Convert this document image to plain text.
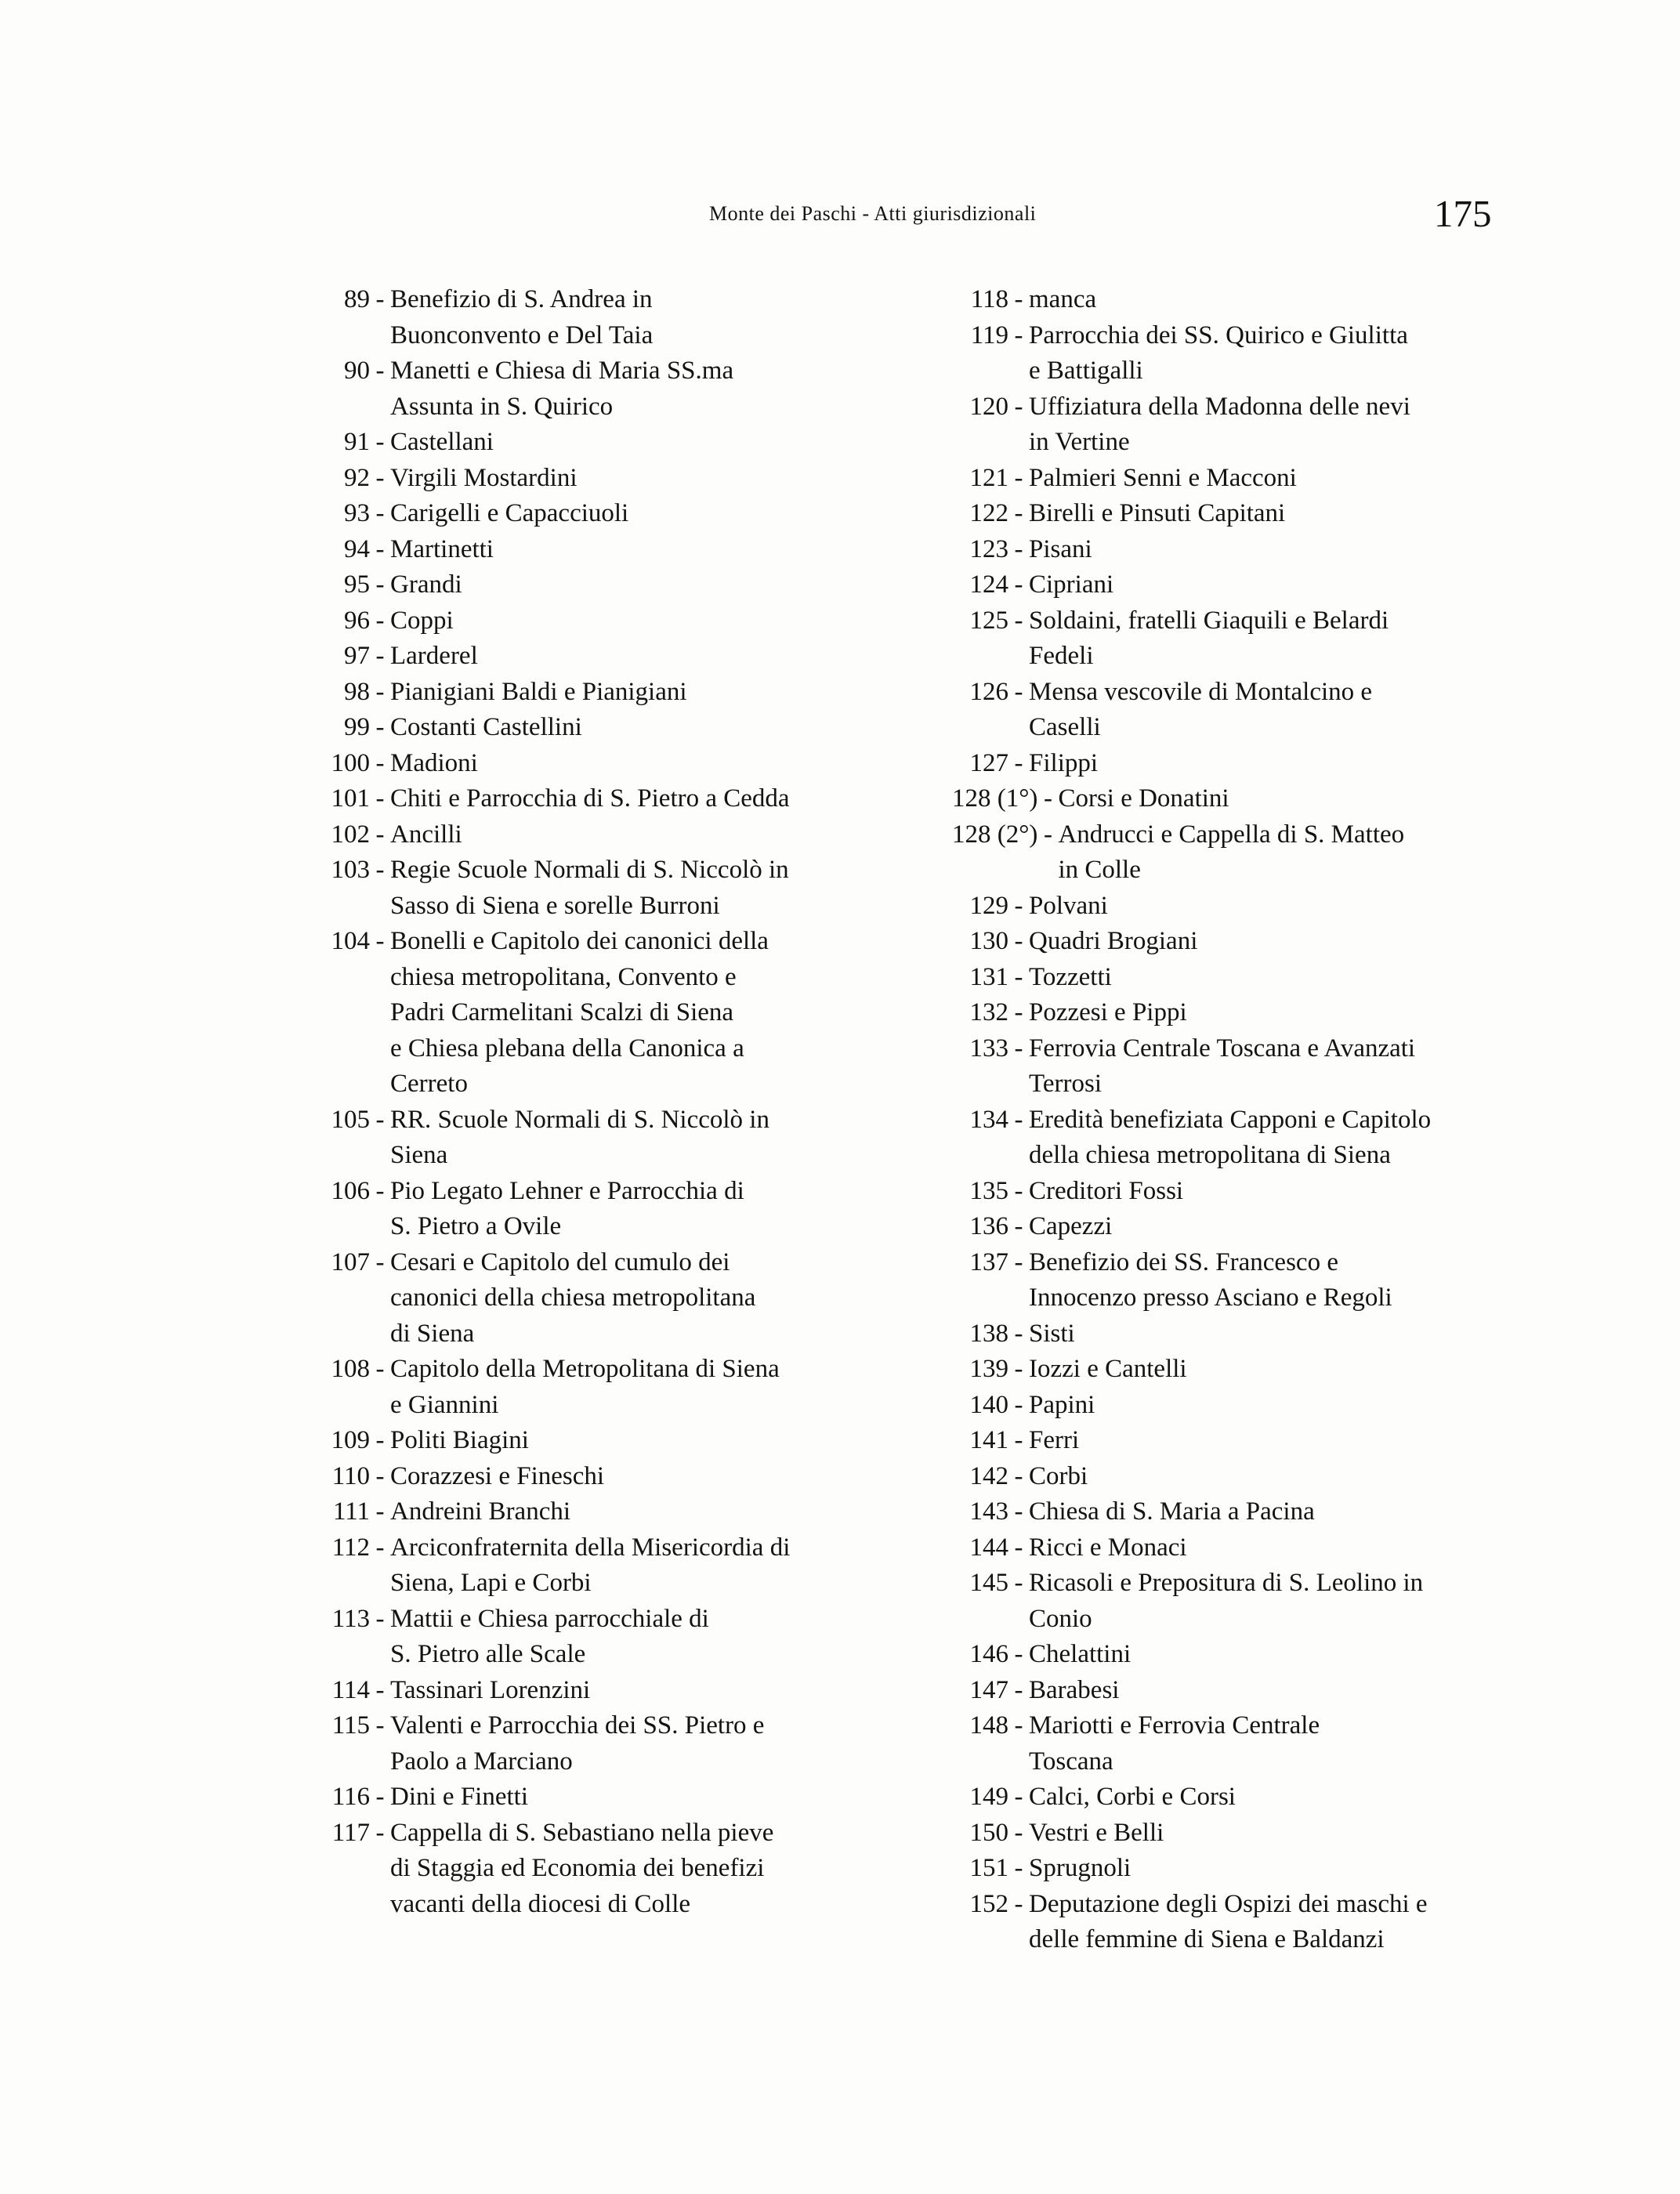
Monte dei Paschi - Atti giurisdizionali	175
89 - Benefizio di S. Andrea in
Buonconvento e Del Taia
90 - Manetti e Chiesa di Maria SS.ma
Assunta in S. Quirico
91 - Castellani
92 - Virgili Mostardini
93 - Carigelli e Capacciuoli
94 - Martinetti
95 - Grandi
96 - Coppi
97 - Larderel
98 - Pianigiani Baldi e Pianigiani
99 - Costanti Castellini
100 - Madioni
101 - Chiti e Parrocchia di S. Pietro a Cedda
102 - Ancilli
103 - Regie Scuole Normali di S. Niccolò in
Sasso di Siena e sorelle Burroni
104 - Bonelli e Capitolo dei canonici della
chiesa metropolitana, Convento e
Padri Carmelitani Scalzi di Siena
e Chiesa plebana della Canonica a
Cerreto
105 - RR. Scuole Normali di S. Niccolò in
Siena
106 - Pio Legato Lehner e Parrocchia di
S. Pietro a Ovile
107 - Cesari e Capitolo del cumulo dei
canonici della chiesa metropolitana
di Siena
108 - Capitolo della Metropolitana di Siena
e Giannini
109 - Politi Biagini
110 - Corazzesi e Fineschi
111 - Andreini Branchi
112 - Arciconfraternita della Misericordia di
Siena, Lapi e Corbi
113 - Mattii e Chiesa parrocchiale di
S. Pietro alle Scale
114 - Tassinari Lorenzini
115 - Valenti e Parrocchia dei SS. Pietro e
Paolo a Marciano
116 - Dini e Finetti
117 - Cappella di S. Sebastiano nella pieve
di Staggia ed Economia dei benefizi
vacanti della diocesi di Colle
118 - manca
119 - Parrocchia dei SS. Quirico e Giulitta
e Battigalli
120 - Uffiziatura della Madonna delle nevi
in Vertine
121 - Palmieri Senni e Macconi
122 - Birelli e Pinsuti Capitani
123 - Pisani
124 - Cipriani
125 - Soldaini, fratelli Giaquili e Belardi
Fedeli
126 - Mensa vescovile di Montalcino e
Caselli
127 - Filippi
128 (1°) - Corsi e Donatini
128 (2°) - Andrucci e Cappella di S. Matteo
in Colle
129 - Polvani
130 - Quadri Brogiani
131 - Tozzetti
132 - Pozzesi e Pippi
133 - Ferrovia Centrale Toscana e Avanzati
Terrosi
134 - Eredità benefiziata Capponi e Capitolo
della chiesa metropolitana di Siena
135 - Creditori Fossi
136 - Capezzi
137 - Benefizio dei SS. Francesco e
Innocenzo presso Asciano e Regoli
138 - Sisti
139 - Iozzi e Cantelli
140 - Papini
141 - Ferri
142 - Corbi
143 - Chiesa di S. Maria a Pacina
144 - Ricci e Monaci
145 - Ricasoli e Prepositura di S. Leolino in
Conio
146 - Chelattini
147 - Barabesi
148 - Mariotti e Ferrovia Centrale
Toscana
149 - Calci, Corbi e Corsi
150 - Vestri e Belli
151 - Sprugnoli
152 - Deputazione degli Ospizi dei maschi e
delle femmine di Siena e Baldanzi
